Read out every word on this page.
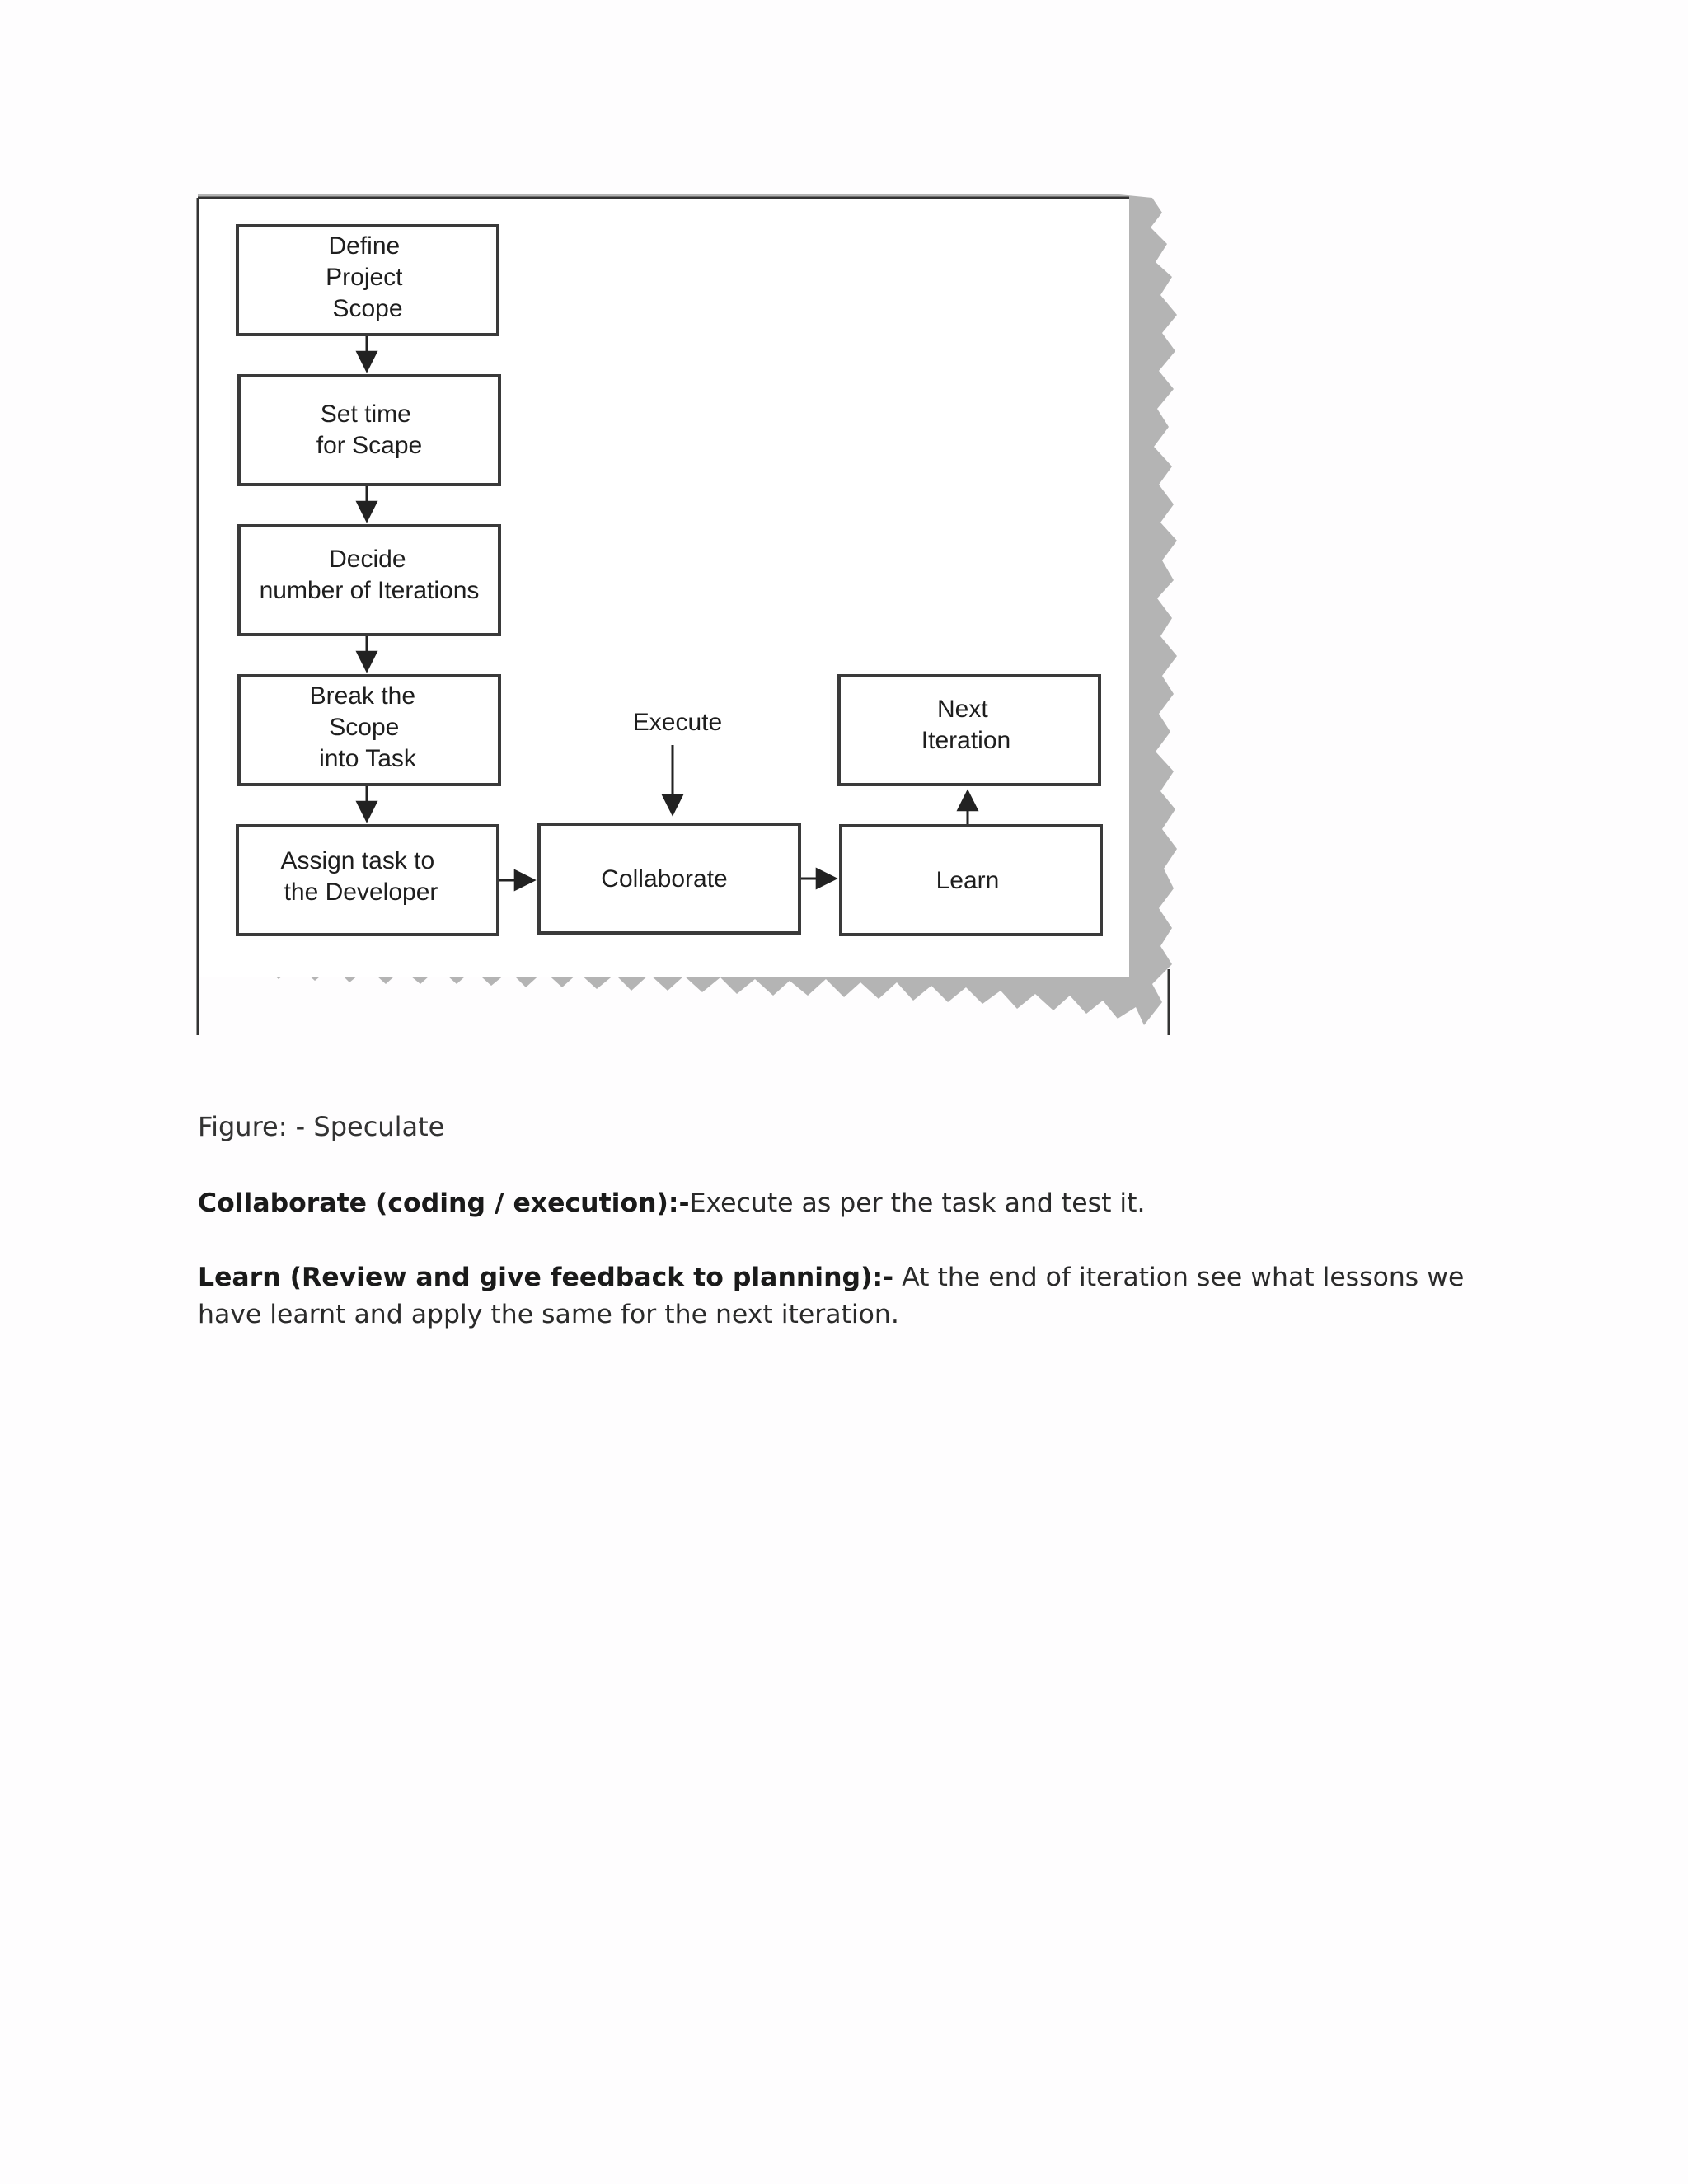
Define Project Scope
Set time for Scape
Decide number of Iterations
Break the Scope into Task
Assign task to the Developer
Execute
Collaborate	Learn
Next Iteration

Figure: - Speculate

Collaborate (coding / execution):-Execute as per the task and test it.

Learn (Review and give feedback to planning):- At the end of iteration see what lessons we have learnt and apply the same for the next iteration.
